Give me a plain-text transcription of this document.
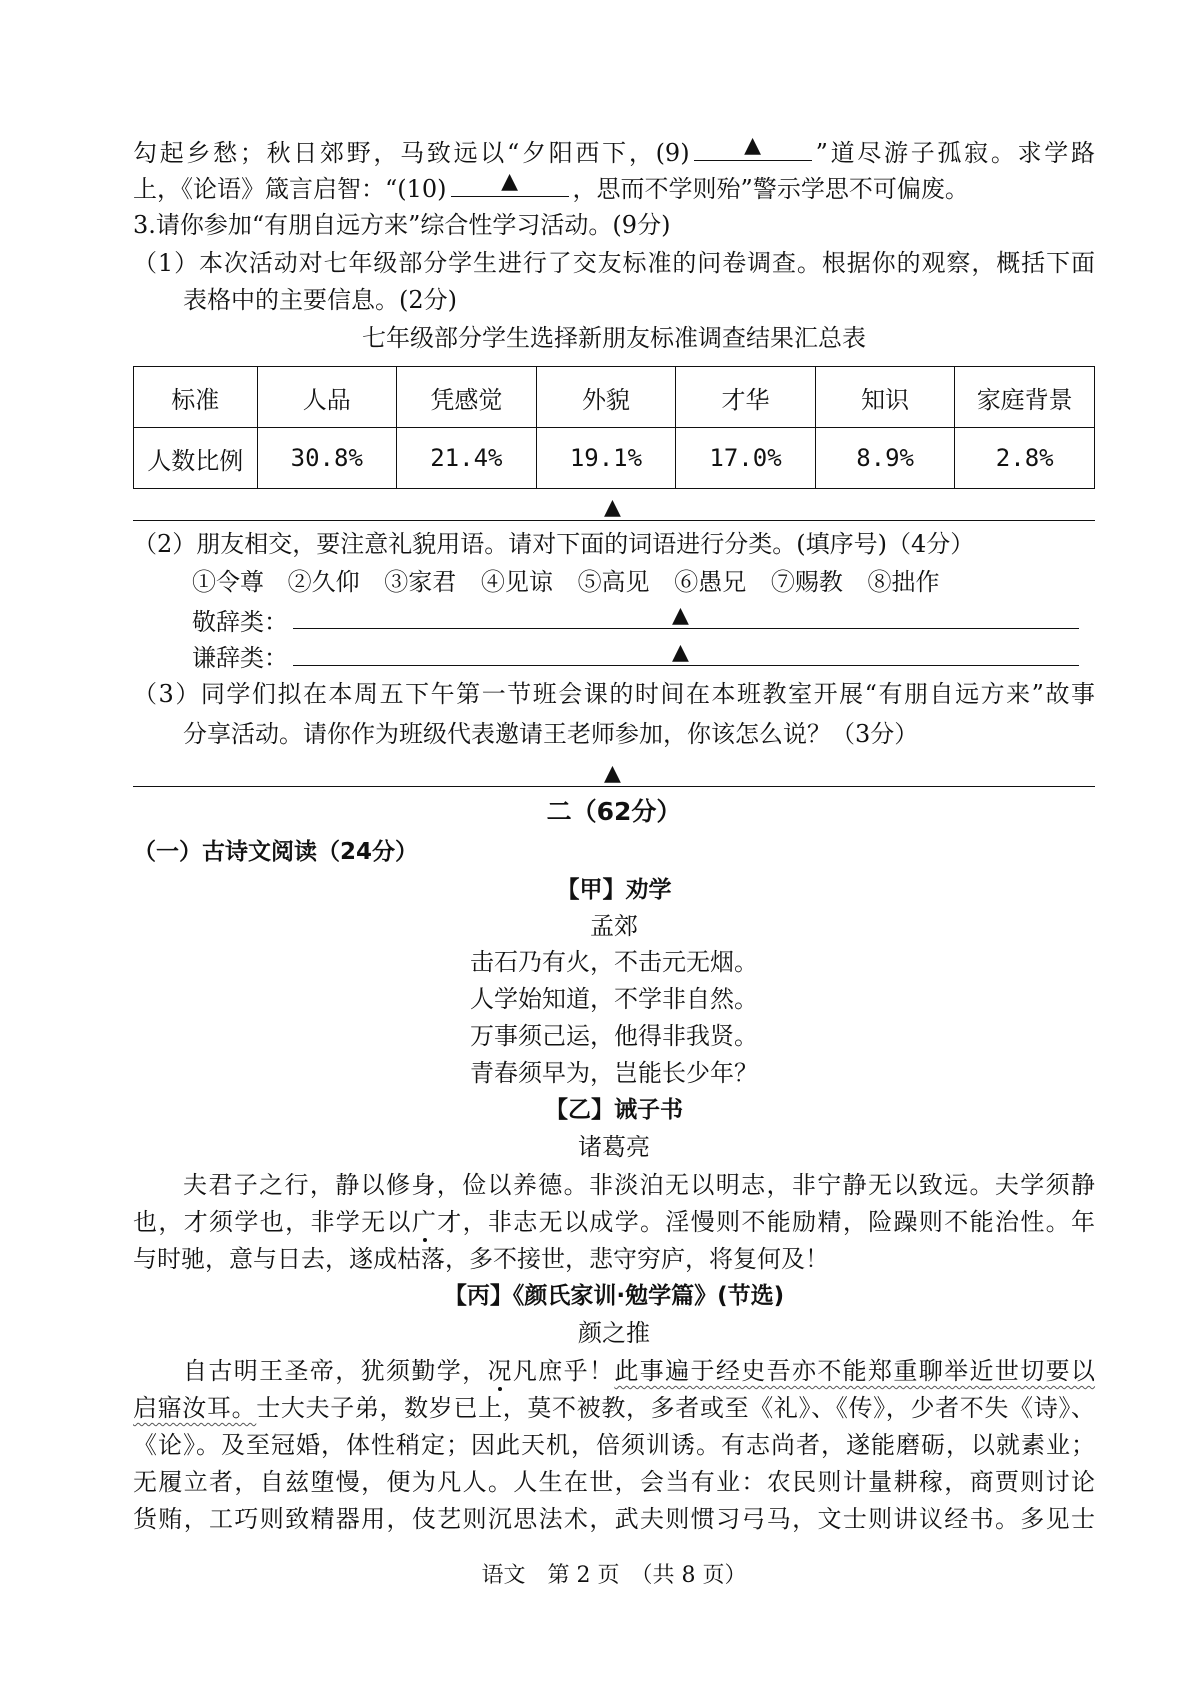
勾起乡愁；秋日郊野，马致远以“夕阳西下，(9) ▲ ”道尽游子孤寂。求学路
上，《论语》箴言启智：“(10) ▲ ，思而不学则殆”警示学思不可偏废。
3.请你参加“有朋自远方来”综合性学习活动。(9分)
（1）本次活动对七年级部分学生进行了交友标准的问卷调查。根据你的观察，概括下面
表格中的主要信息。(2分)
七年级部分学生选择新朋友标准调查结果汇总表
标准	人品	凭感觉	外貌	才华	知识	家庭背景
人数比例	30.8%	21.4%	19.1%	17.0%	8.9%	2.8%
▲
（2）朋友相交，要注意礼貌用语。请对下面的词语进行分类。(填序号)（4分）
①令尊 ②久仰 ③家君 ④见谅 ⑤高见 ⑥愚兄 ⑦赐教 ⑧拙作
敬辞类：	▲
谦辞类：	▲
（3）同学们拟在本周五下午第一节班会课的时间在本班教室开展“有朋自远方来”故事
分享活动。请你作为班级代表邀请王老师参加，你该怎么说？（3分）
▲
二（62分）
（一）古诗文阅读（24分）
【甲】劝学
孟郊
击石乃有火，不击元无烟。
人学始知道，不学非自然。
万事须己运，他得非我贤。
青春须早为，岂能长少年？
【乙】诫子书
诸葛亮
夫君子之行，静以修身，俭以养德。非淡泊无以明志，非宁静无以致远。夫学须静
也，才须学也，非学无以广才，非志无以成学。淫慢则不能励精，险躁则不能治性。年
与时驰，意与日去，遂成枯落，多不接世，悲守穷庐，将复何及！
【丙】《颜氏家训·勉学篇》(节选)
颜之推
自古明王圣帝，犹须勤学，况凡庶乎！此事遍于经史吾亦不能郑重聊举近世切要以
启寤汝耳。士大夫子弟，数岁已上，莫不被教，多者或至《礼》、《传》，少者不失《诗》、
《论》。及至冠婚，体性稍定；因此天机，倍须训诱。有志尚者，遂能磨砺，以就素业；
无履立者，自兹堕慢，便为凡人。人生在世，会当有业：农民则计量耕稼，商贾则讨论
货贿，工巧则致精器用，伎艺则沉思法术，武夫则惯习弓马，文士则讲议经书。多见士
语文　第 2 页　（共 8 页）
